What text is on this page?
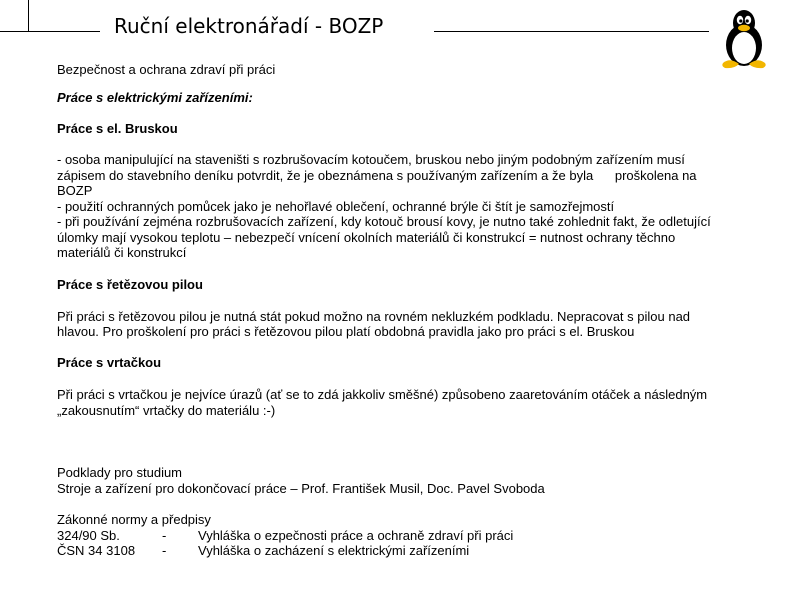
Ruční elektronářadí - BOZP

Bezpečnost a ochrana zdraví při práci

Práce s elektrickými zařízeními:

Práce s el. Bruskou

- osoba manipulující na staveništi s rozbrušovacím kotoučem, bruskou nebo jiným podobným zařízením musí

zápisem do stavebního deníku potvrdit, že je obeznámena s používaným zařízením a že byla      proškolena na

BOZP

- použití ochranných pomůcek jako je nehořlavé oblečení, ochranné brýle či štít je samozřejmostí

- při používání zejména rozbrušovacích zařízení, kdy kotouč brousí kovy, je nutno také zohlednit fakt, že odletující

úlomky mají vysokou teplotu – nebezpečí vnícení okolních materiálů či konstrukcí = nutnost ochrany těchno

materiálů či konstrukcí

Práce s řetězovou pilou

Při práci s řetězovou pilou je nutná stát pokud možno na rovném nekluzkém podkladu. Nepracovat s pilou nad

hlavou. Pro proškolení pro práci s řetězovou pilou platí obdobná pravidla jako pro práci s el. Bruskou

Práce s vrtačkou

Při práci s vrtačkou je nejvíce úrazů (ať se to zdá jakkoliv směšné) způsobeno zaaretováním otáček a následným

„zakousnutím“ vrtačky do materiálu :-)

Podklady pro studium

Stroje a zařízení pro dokončovací práce – Prof. František Musil, Doc. Pavel Svoboda

Zákonné normy a předpisy

324/90 Sb.	- Vyhláška o ezpečnosti práce a ochraně zdraví při práci
ČSN 34 3108 - Vyhláška o zacházení s elektrickými zařízeními
